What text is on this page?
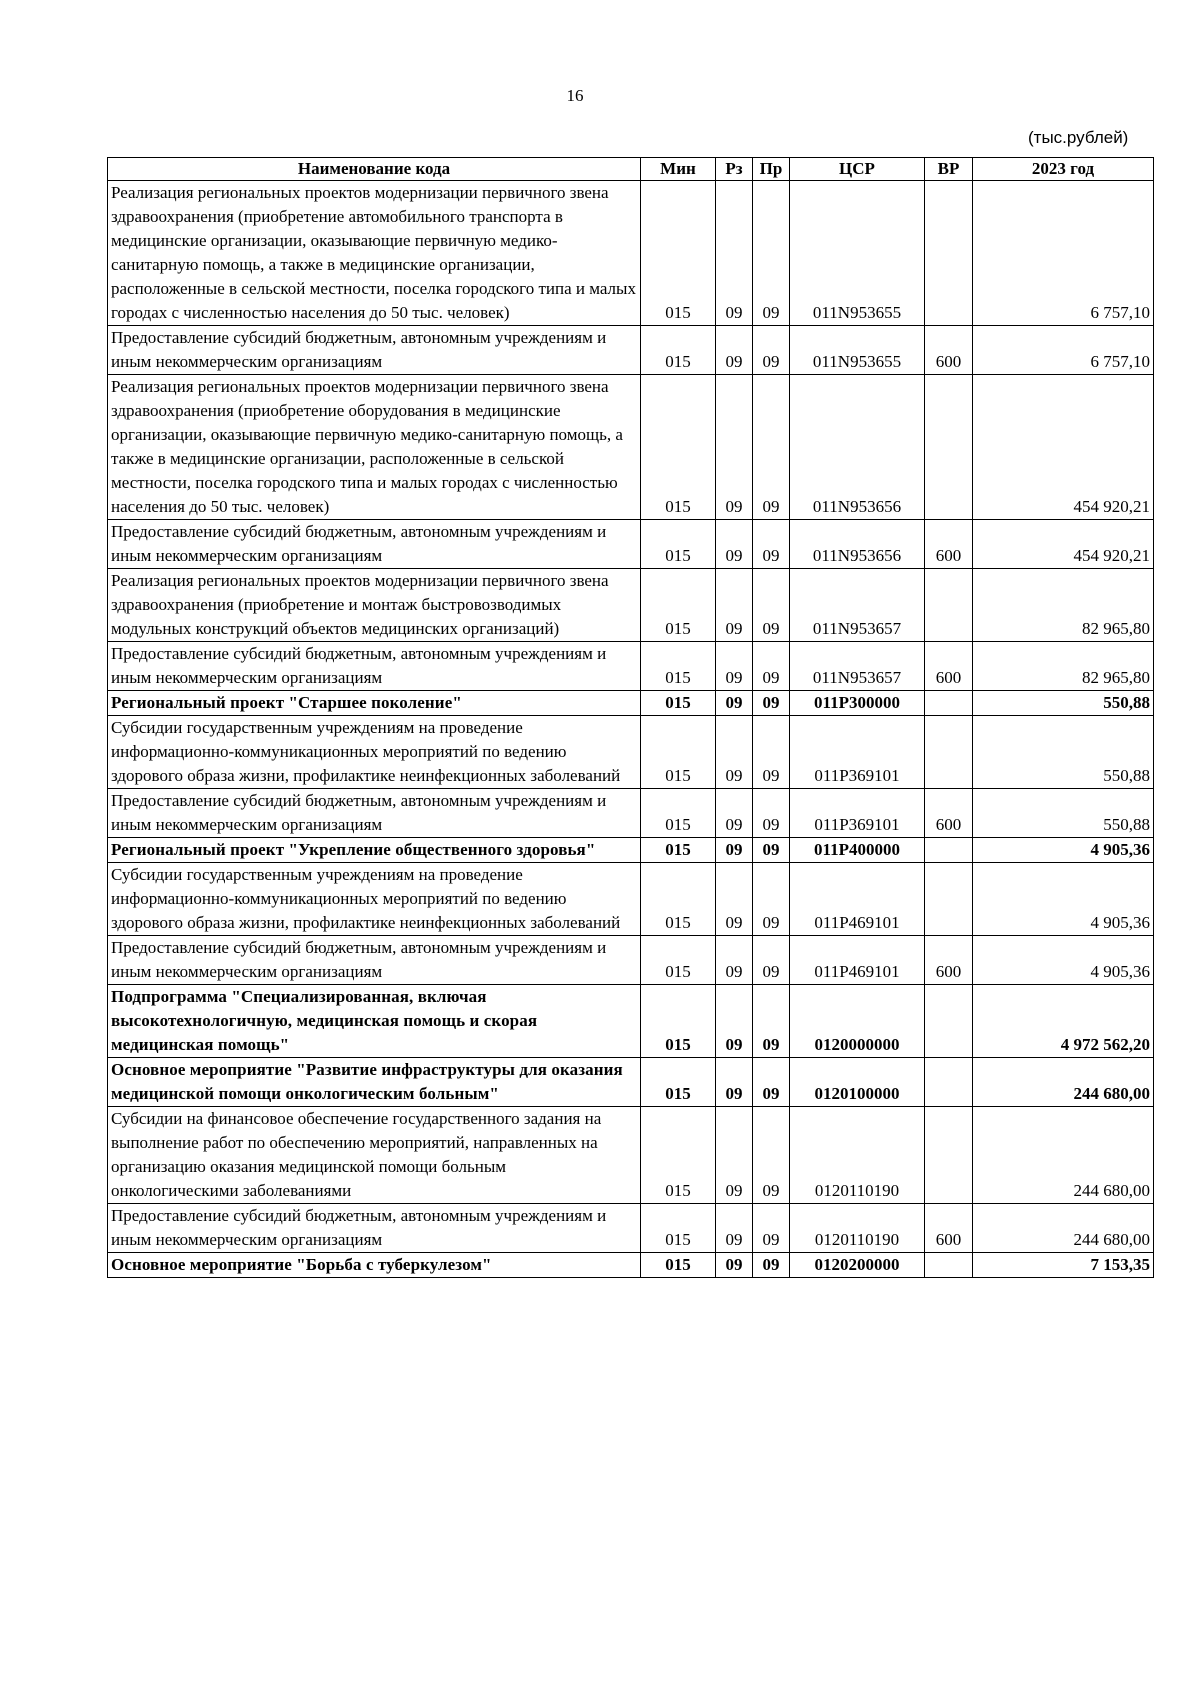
16
(тыс.рублей)
Наименование кода	Мин	Рз	Пр	ЦСР	ВР	2023 год
Реализация региональных проектов модернизации первичного звена здравоохранения (приобретение автомобильного транспорта в медицинские организации, оказывающие первичную медико-санитарную помощь, а также в медицинские организации, расположенные в сельской местности, поселка городского типа и малых городах с численностью населения до 50 тыс. человек)	015	09	09	011N953655		6 757,10
Предоставление субсидий бюджетным, автономным учреждениям и иным некоммерческим организациям	015	09	09	011N953655	600	6 757,10
Реализация региональных проектов модернизации первичного звена здравоохранения (приобретение оборудования в медицинские организации, оказывающие первичную медико-санитарную помощь, а также в медицинские организации, расположенные в сельской местности, поселка городского типа и малых городах с численностью населения до 50 тыс. человек)	015	09	09	011N953656		454 920,21
Предоставление субсидий бюджетным, автономным учреждениям и иным некоммерческим организациям	015	09	09	011N953656	600	454 920,21
Реализация региональных проектов модернизации первичного звена здравоохранения (приобретение и монтаж быстровозводимых модульных конструкций объектов медицинских организаций)	015	09	09	011N953657		82 965,80
Предоставление субсидий бюджетным, автономным учреждениям и иным некоммерческим организациям	015	09	09	011N953657	600	82 965,80
Региональный проект "Старшее поколение"	015	09	09	011P300000		550,88
Субсидии государственным учреждениям на проведение информационно-коммуникационных мероприятий по ведению здорового образа жизни, профилактике неинфекционных заболеваний	015	09	09	011P369101		550,88
Предоставление субсидий бюджетным, автономным учреждениям и иным некоммерческим организациям	015	09	09	011P369101	600	550,88
Региональный проект "Укрепление общественного здоровья"	015	09	09	011P400000		4 905,36
Субсидии государственным учреждениям на проведение информационно-коммуникационных мероприятий по ведению здорового образа жизни, профилактике неинфекционных заболеваний	015	09	09	011P469101		4 905,36
Предоставление субсидий бюджетным, автономным учреждениям и иным некоммерческим организациям	015	09	09	011P469101	600	4 905,36
Подпрограмма "Специализированная, включая высокотехнологичную, медицинская помощь и скорая медицинская помощь"	015	09	09	0120000000		4 972 562,20
Основное мероприятие "Развитие инфраструктуры для оказания медицинской помощи онкологическим больным"	015	09	09	0120100000		244 680,00
Субсидии на финансовое обеспечение государственного задания на выполнение работ по обеспечению мероприятий, направленных на организацию оказания медицинской помощи больным онкологическими заболеваниями	015	09	09	0120110190		244 680,00
Предоставление субсидий бюджетным, автономным учреждениям и иным некоммерческим организациям	015	09	09	0120110190	600	244 680,00
Основное мероприятие "Борьба с туберкулезом"	015	09	09	0120200000		7 153,35
